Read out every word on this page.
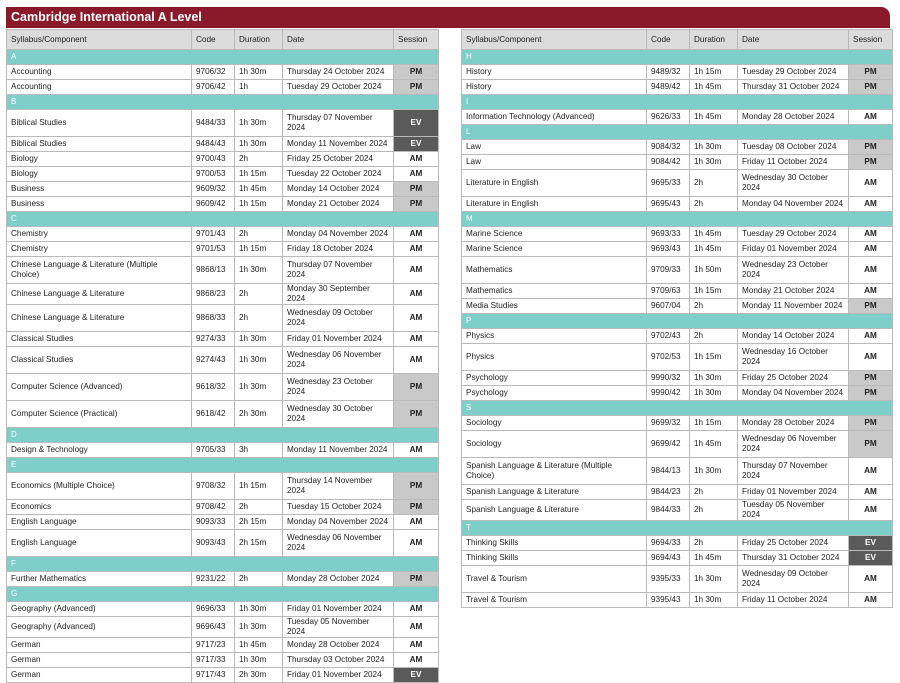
Cambridge International A Level
Syllabus/Component	Code	Duration	Date	Session
A				
Accounting	9706/32	1h 30m	Thursday 24 October 2024	PM
Accounting	9706/42	1h	Tuesday 29 October 2024	PM
B				
Biblical Studies	9484/33	1h 30m	Thursday 07 November 2024	EV
Biblical Studies	9484/43	1h 30m	Monday 11 November 2024	EV
Biology	9700/43	2h	Friday 25 October 2024	AM
Biology	9700/53	1h 15m	Tuesday 22 October 2024	AM
Business	9609/32	1h 45m	Monday 14 October 2024	PM
Business	9609/42	1h 15m	Monday 21 October 2024	PM
C				
Chemistry	9701/43	2h	Monday 04 November 2024	AM
Chemistry	9701/53	1h 15m	Friday 18 October 2024	AM
Chinese Language & Literature (Multiple Choice)	9868/13	1h 30m	Thursday 07 November 2024	AM
Chinese Language & Literature	9868/23	2h	Monday 30 September 2024	AM
Chinese Language & Literature	9868/33	2h	Wednesday 09 October 2024	AM
Classical Studies	9274/33	1h 30m	Friday 01 November 2024	AM
Classical Studies	9274/43	1h 30m	Wednesday 06 November 2024	AM
Computer Science (Advanced)	9618/32	1h 30m	Wednesday 23 October 2024	PM
Computer Science (Practical)	9618/42	2h 30m	Wednesday 30 October 2024	PM
D				
Design & Technology	9705/33	3h	Monday 11 November 2024	AM
E				
Economics (Multiple Choice)	9708/32	1h 15m	Thursday 14 November 2024	PM
Economics	9708/42	2h	Tuesday 15 October 2024	PM
English Language	9093/33	2h 15m	Monday 04 November 2024	AM
English Language	9093/43	2h 15m	Wednesday 06 November 2024	AM
F				
Further Mathematics	9231/22	2h	Monday 28 October 2024	PM
G				
Geography (Advanced)	9696/33	1h 30m	Friday 01 November 2024	AM
Geography (Advanced)	9696/43	1h 30m	Tuesday 05 November 2024	AM
German	9717/23	1h 45m	Monday 28 October 2024	AM
German	9717/33	1h 30m	Thursday 03 October 2024	AM
German	9717/43	2h 30m	Friday 01 November 2024	EV
Syllabus/Component	Code	Duration	Date	Session
H				
History	9489/32	1h 15m	Tuesday 29 October 2024	PM
History	9489/42	1h 45m	Thursday 31 October 2024	PM
I				
Information Technology (Advanced)	9626/33	1h 45m	Monday 28 October 2024	AM
L				
Law	9084/32	1h 30m	Tuesday 08 October 2024	PM
Law	9084/42	1h 30m	Friday 11 October 2024	PM
Literature in English	9695/33	2h	Wednesday 30 October 2024	AM
Literature in English	9695/43	2h	Monday 04 November 2024	AM
M				
Marine Science	9693/33	1h 45m	Tuesday 29 October 2024	AM
Marine Science	9693/43	1h 45m	Friday 01 November 2024	AM
Mathematics	9709/33	1h 50m	Wednesday 23 October 2024	AM
Mathematics	9709/63	1h 15m	Monday 21 October 2024	AM
Media Studies	9607/04	2h	Monday 11 November 2024	PM
P				
Physics	9702/43	2h	Monday 14 October 2024	AM
Physics	9702/53	1h 15m	Wednesday 16 October 2024	AM
Psychology	9990/32	1h 30m	Friday 25 October 2024	PM
Psychology	9990/42	1h 30m	Monday 04 November 2024	PM
S				
Sociology	9699/32	1h 15m	Monday 28 October 2024	PM
Sociology	9699/42	1h 45m	Wednesday 06 November 2024	PM
Spanish Language & Literature (Multiple Choice)	9844/13	1h 30m	Thursday 07 November 2024	AM
Spanish Language & Literature	9844/23	2h	Friday 01 November 2024	AM
Spanish Language & Literature	9844/33	2h	Tuesday 05 November 2024	AM
T				
Thinking Skills	9694/33	2h	Friday 25 October 2024	EV
Thinking Skills	9694/43	1h 45m	Thursday 31 October 2024	EV
Travel & Tourism	9395/33	1h 30m	Wednesday 09 October 2024	AM
Travel & Tourism	9395/43	1h 30m	Friday 11 October 2024	AM
